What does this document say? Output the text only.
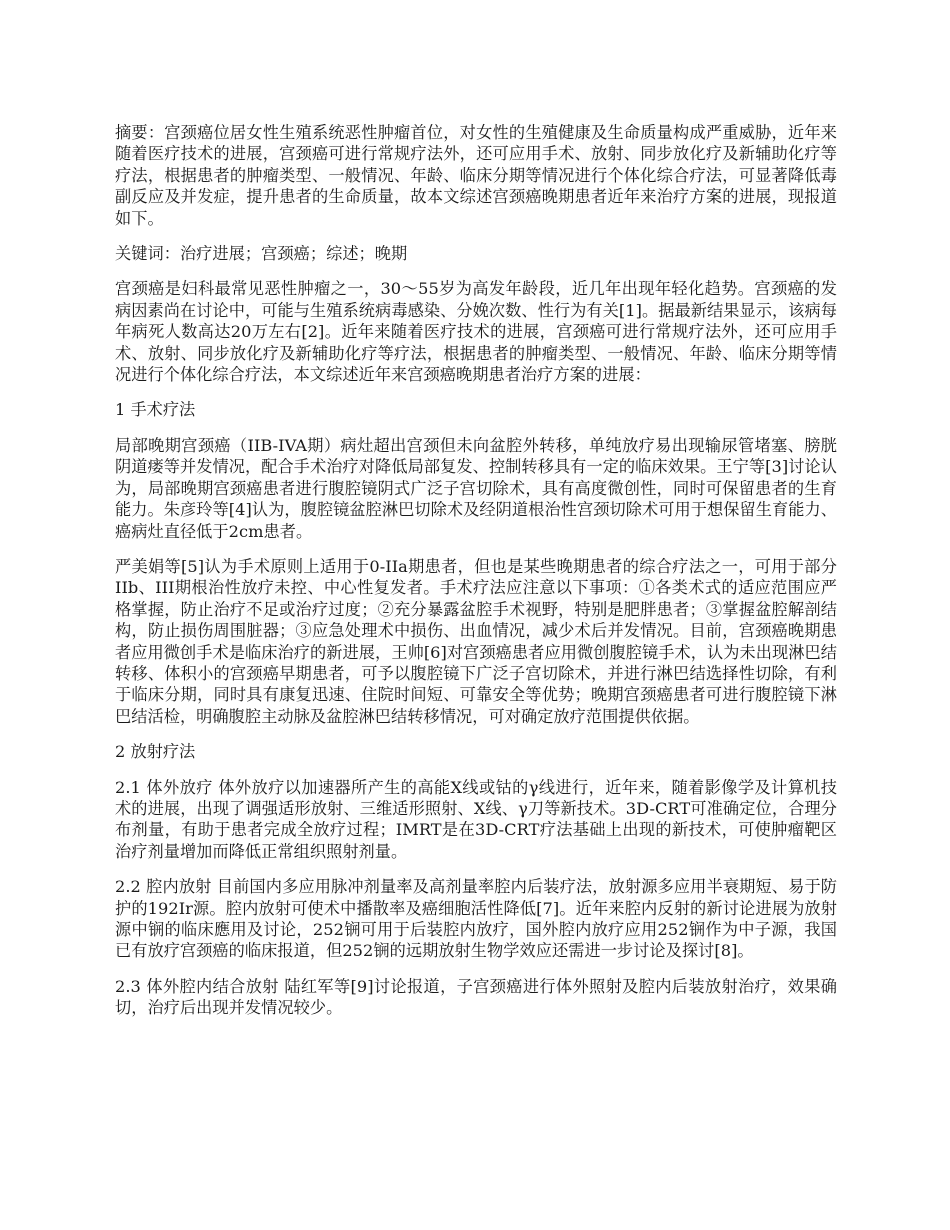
摘要：宫颈癌位居女性生殖系统恶性肿瘤首位，对女性的生殖健康及生命质量构成严重威胁，近年来随着医疗技术的进展，宫颈癌可进行常规疗法外，还可应用手术、放射、同步放化疗及新辅助化疗等疗法，根据患者的肿瘤类型、一般情况、年龄、临床分期等情况进行个体化综合疗法，可显著降低毒副反应及并发症，提升患者的生命质量，故本文综述宫颈癌晚期患者近年来治疗方案的进展，现报道如下。

关键词：治疗进展；宫颈癌；综述；晚期

宫颈癌是妇科最常见恶性肿瘤之一，30～55岁为高发年龄段，近几年出现年轻化趋势。宫颈癌的发病因素尚在讨论中，可能与生殖系统病毒感染、分娩次数、性行为有关[1]。据最新结果显示，该病每年病死人数高达20万左右[2]。近年来随着医疗技术的进展，宫颈癌可进行常规疗法外，还可应用手术、放射、同步放化疗及新辅助化疗等疗法，根据患者的肿瘤类型、一般情况、年龄、临床分期等情况进行个体化综合疗法，本文综述近年来宫颈癌晚期患者治疗方案的进展：

1 手术疗法

局部晚期宫颈癌（IIB-IVA期）病灶超出宫颈但未向盆腔外转移，单纯放疗易出现输尿管堵塞、膀胱阴道瘘等并发情况，配合手术治疗对降低局部复发、控制转移具有一定的临床效果。王宁等[3]讨论认为，局部晚期宫颈癌患者进行腹腔镜阴式广泛子宫切除术，具有高度微创性，同时可保留患者的生育能力。朱彦玲等[4]认为，腹腔镜盆腔淋巴切除术及经阴道根治性宫颈切除术可用于想保留生育能力、癌病灶直径低于2cm患者。

严美娟等[5]认为手术原则上适用于0-IIa期患者，但也是某些晚期患者的综合疗法之一，可用于部分IIb、III期根治性放疗未控、中心性复发者。手术疗法应注意以下事项：①各类术式的适应范围应严格掌握，防止治疗不足或治疗过度；②充分暴露盆腔手术视野，特别是肥胖患者；③掌握盆腔解剖结构，防止损伤周围脏器；③应急处理术中损伤、出血情况，减少术后并发情况。目前，宫颈癌晚期患者应用微创手术是临床治疗的新进展，王帅[6]对宫颈癌患者应用微创腹腔镜手术，认为未出现淋巴结转移、体积小的宫颈癌早期患者，可予以腹腔镜下广泛子宫切除术，并进行淋巴结选择性切除，有利于临床分期，同时具有康复迅速、住院时间短、可靠安全等优势；晚期宫颈癌患者可进行腹腔镜下淋巴结活检，明确腹腔主动脉及盆腔淋巴结转移情况，可对确定放疗范围提供依据。

2 放射疗法

2.1 体外放疗 体外放疗以加速器所产生的高能X线或钴的γ线进行，近年来，随着影像学及计算机技术的进展，出现了调强适形放射、三维适形照射、X线、γ刀等新技术。3D-CRT可准确定位，合理分布剂量，有助于患者完成全放疗过程；IMRT是在3D-CRT疗法基础上出现的新技术，可使肿瘤靶区治疗剂量增加而降低正常组织照射剂量。

2.2 腔内放射 目前国内多应用脉冲剂量率及高剂量率腔内后装疗法，放射源多应用半衰期短、易于防护的192Ir源。腔内放射可使术中播散率及癌细胞活性降低[7]。近年来腔内反射的新讨论进展为放射源中锎的临床應用及讨论，252锎可用于后装腔内放疗，国外腔内放疗应用252锎作为中子源，我国已有放疗宫颈癌的临床报道，但252锎的远期放射生物学效应还需进一步讨论及探讨[8]。

2.3 体外腔内结合放射 陆红军等[9]讨论报道，子宫颈癌进行体外照射及腔内后装放射治疗，效果确切，治疗后出现并发情况较少。
